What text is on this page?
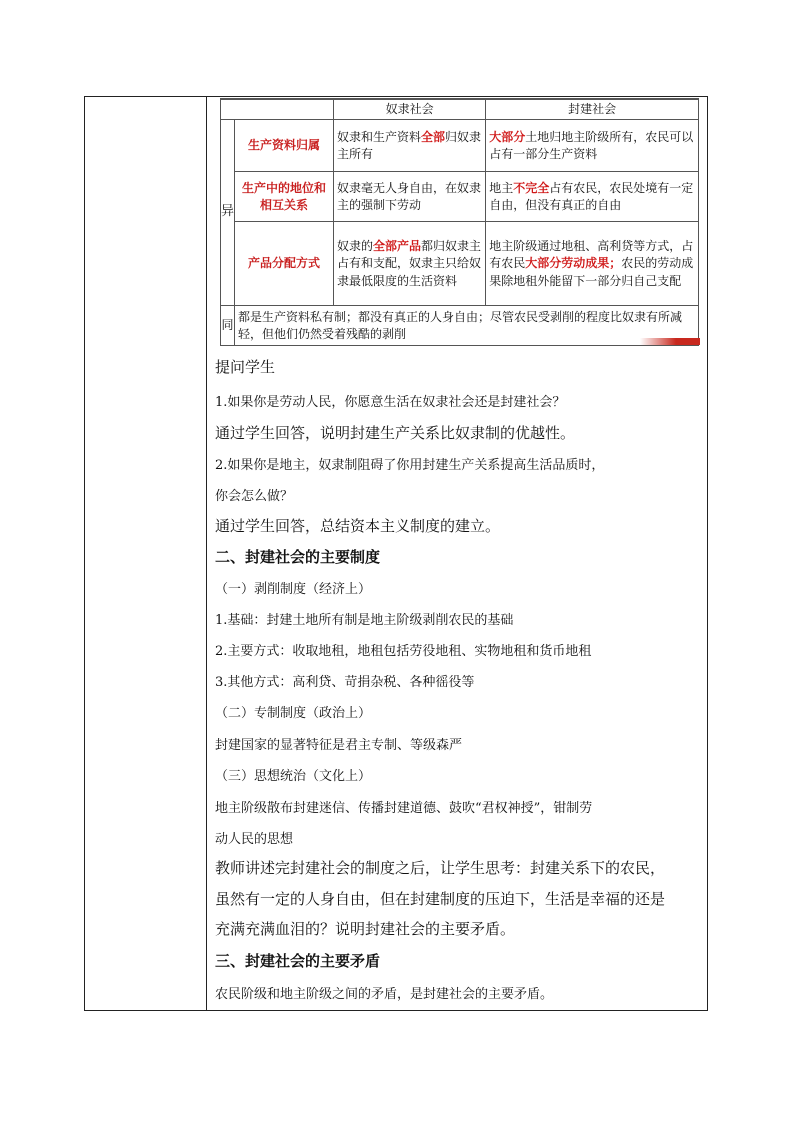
		奴隶社会	封建社会
异	生产资料归属	奴隶和生产资料全部归奴隶主所有	大部分土地归地主阶级所有，农民可以占有一部分生产资料
	生产中的地位和相互关系	奴隶毫无人身自由，在奴隶主的强制下劳动	地主不完全占有农民，农民处境有一定自由，但没有真正的自由
	产品分配方式	奴隶的全部产品都归奴隶主占有和支配，奴隶主只给奴隶最低限度的生活资料	地主阶级通过地租、高利贷等方式，占有农民大部分劳动成果；农民的劳动成果除地租外能留下一部分归自己支配
同	都是生产资料私有制；都没有真正的人身自由；尽管农民受剥削的程度比奴隶有所减轻，但他们仍然受着残酷的剥削		
提问学生
1.如果你是劳动人民，你愿意生活在奴隶社会还是封建社会？
通过学生回答，说明封建生产关系比奴隶制的优越性。
2.如果你是地主，奴隶制阻碍了你用封建生产关系提高生活品质时，
你会怎么做？
通过学生回答，总结资本主义制度的建立。
二、封建社会的主要制度
（一）剥削制度（经济上）
1.基础：封建土地所有制是地主阶级剥削农民的基础
2.主要方式：收取地租，地租包括劳役地租、实物地租和货币地租
3.其他方式：高利贷、苛捐杂税、各种徭役等
（二）专制制度（政治上）
封建国家的显著特征是君主专制、等级森严
（三）思想统治（文化上）
地主阶级散布封建迷信、传播封建道德、鼓吹“君权神授”，钳制劳
动人民的思想
教师讲述完封建社会的制度之后，让学生思考：封建关系下的农民，
虽然有一定的人身自由，但在封建制度的压迫下，生活是幸福的还是
充满充满血泪的？说明封建社会的主要矛盾。
三、封建社会的主要矛盾
农民阶级和地主阶级之间的矛盾，是封建社会的主要矛盾。
